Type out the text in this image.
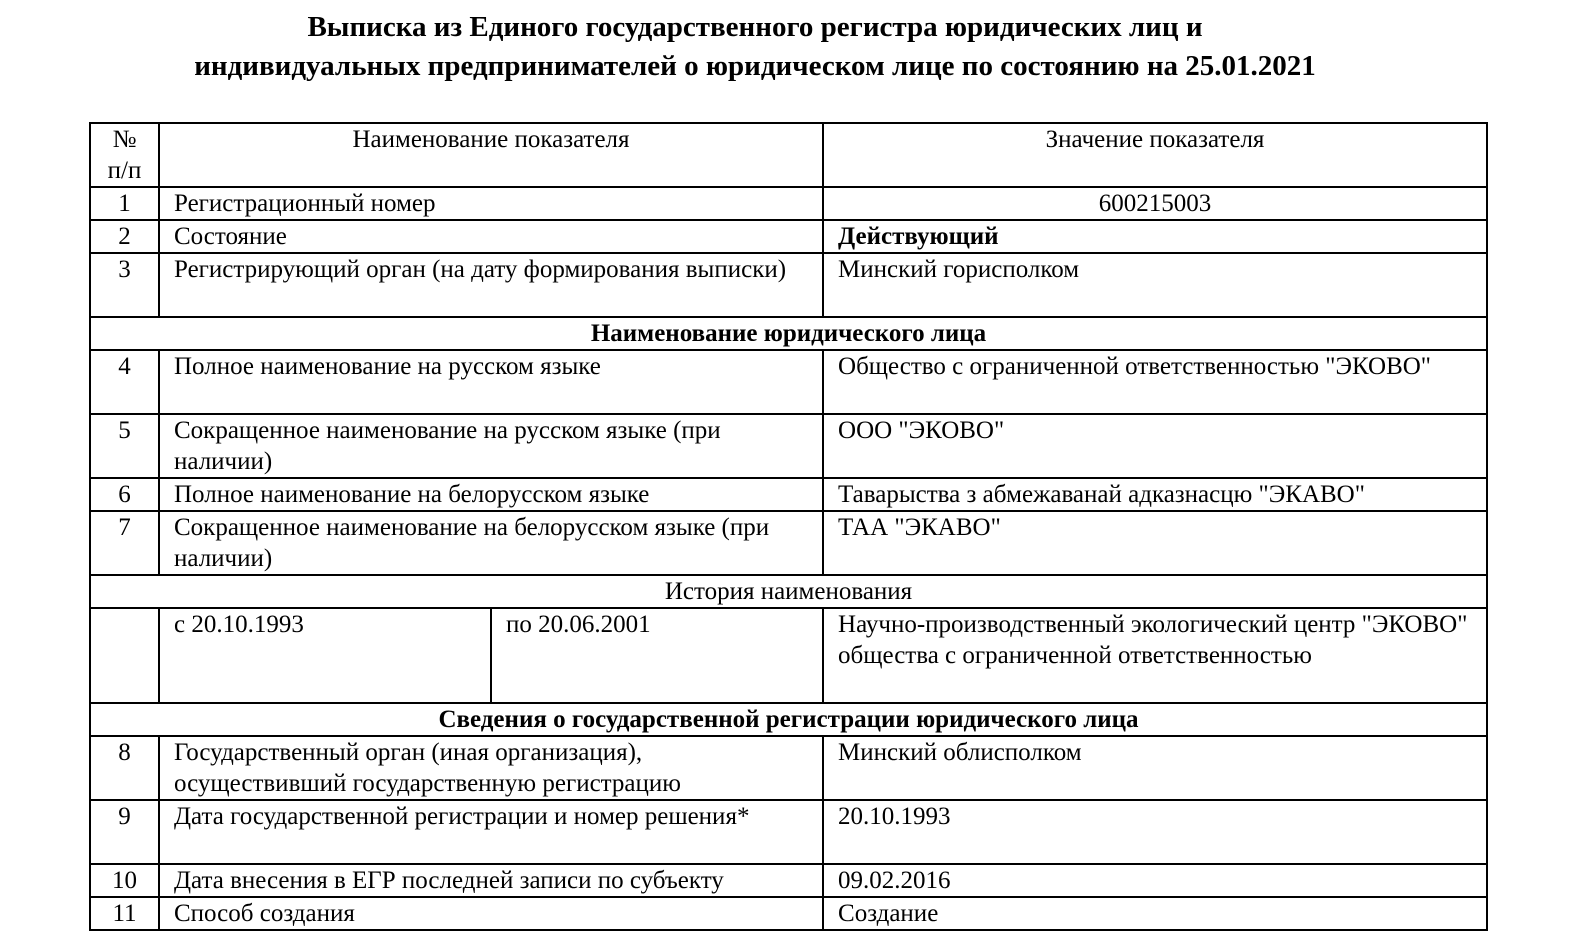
Выписка из Единого государственного регистра юридических лиц и
индивидуальных предпринимателей о юридическом лице по состоянию на 25.01.2021
№
п/п	Наименование показателя		Значение показателя
1	Регистрационный номер		600215003
2	Состояние		Действующий
3	Регистрирующий орган (на дату формирования выписки)		Минский горисполком
Наименование юридического лица			
4	Полное наименование на русском языке		Общество с ограниченной ответственностью "ЭКОВО"
5	Сокращенное наименование на русском языке (при наличии)		ООО "ЭКОВО"
6	Полное наименование на белорусском языке		Таварыства з абмежаванай адказнасцю "ЭКАВО"
7	Сокращенное наименование на белорусском языке (при наличии)		ТАА "ЭКАВО"
История наименования			
	с 20.10.1993	по 20.06.2001	Научно-производственный экологический центр "ЭКОВО" общества с ограниченной ответственностью
Сведения о государственной регистрации юридического лица			
8	Государственный орган (иная организация), осуществивший государственную регистрацию		Минский облисполком
9	Дата государственной регистрации и номер решения*		20.10.1993
10	Дата внесения в ЕГР последней записи по субъекту		09.02.2016
11	Способ создания		Создание
